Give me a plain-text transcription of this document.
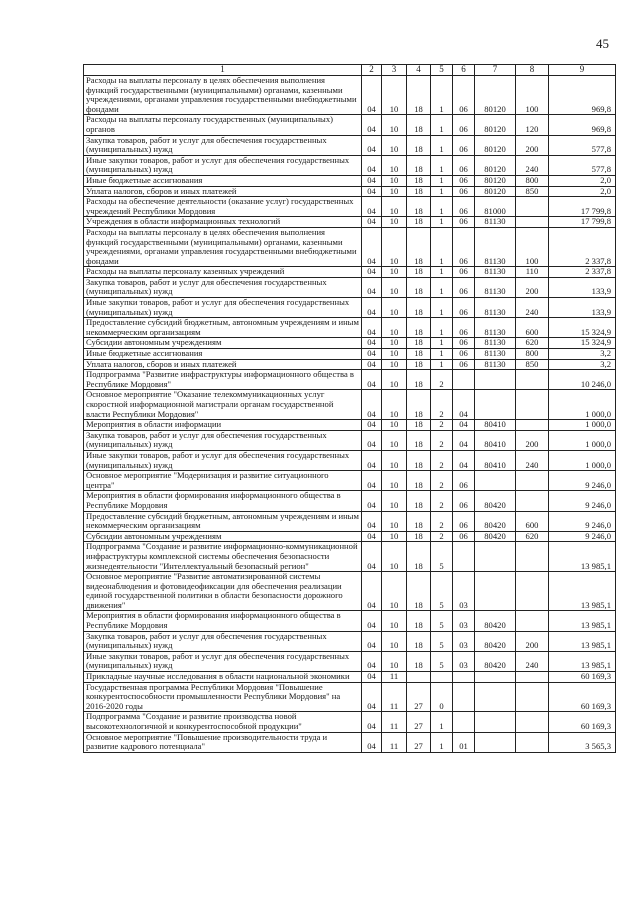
45
1	2	3	4	5	6	7	8	9
Расходы на выплаты персоналу в целях обеспечения выполнения функций государственными (муниципальными) органами, казенными учреждениями, органами управления государственными внебюджетными фондами	04	10	18	1	06	80120	100	969,8
Расходы на выплаты персоналу государственных (муниципальных) органов	04	10	18	1	06	80120	120	969,8
Закупка товаров, работ и услуг для обеспечения государственных (муниципальных) нужд	04	10	18	1	06	80120	200	577,8
Иные закупки товаров, работ и услуг для обеспечения государственных (муниципальных) нужд	04	10	18	1	06	80120	240	577,8
Иные бюджетные ассигнования	04	10	18	1	06	80120	800	2,0
Уплата налогов, сборов и иных платежей	04	10	18	1	06	80120	850	2,0
Расходы на обеспечение деятельности (оказание услуг) государственных учреждений Республики Мордовия	04	10	18	1	06	81000		17 799,8
Учреждения в области информационных технологий	04	10	18	1	06	81130		17 799,8
Расходы на выплаты персоналу в целях обеспечения выполнения функций государственными (муниципальными) органами, казенными учреждениями, органами управления государственными внебюджетными фондами	04	10	18	1	06	81130	100	2 337,8
Расходы на выплаты персоналу казенных учреждений	04	10	18	1	06	81130	110	2 337,8
Закупка товаров, работ и услуг для обеспечения государственных (муниципальных) нужд	04	10	18	1	06	81130	200	133,9
Иные закупки товаров, работ и услуг для обеспечения государственных (муниципальных) нужд	04	10	18	1	06	81130	240	133,9
Предоставление субсидий бюджетным, автономным учреждениям и иным некоммерческим организациям	04	10	18	1	06	81130	600	15 324,9
Субсидии автономным учреждениям	04	10	18	1	06	81130	620	15 324,9
Иные бюджетные ассигнования	04	10	18	1	06	81130	800	3,2
Уплата налогов, сборов и иных платежей	04	10	18	1	06	81130	850	3,2
Подпрограмма "Развитие инфраструктуры информационного общества в Республике Мордовия"	04	10	18	2				10 246,0
Основное мероприятие "Оказание телекоммуникационных услуг скоростной информационной магистрали органам государственной власти Республики Мордовия"	04	10	18	2	04			1 000,0
Мероприятия в области информации	04	10	18	2	04	80410		1 000,0
Закупка товаров, работ и услуг для обеспечения государственных (муниципальных) нужд	04	10	18	2	04	80410	200	1 000,0
Иные закупки товаров, работ и услуг для обеспечения государственных (муниципальных) нужд	04	10	18	2	04	80410	240	1 000,0
Основное мероприятие "Модернизация и развитие ситуационного центра"	04	10	18	2	06			9 246,0
Мероприятия в области формирования информационного общества в Республике Мордовия	04	10	18	2	06	80420		9 246,0
Предоставление субсидий бюджетным, автономным учреждениям и иным некоммерческим организациям	04	10	18	2	06	80420	600	9 246,0
Субсидии автономным учреждениям	04	10	18	2	06	80420	620	9 246,0
Подпрограмма "Создание и развитие информационно-коммуникационной инфраструктуры комплексной системы обеспечения безопасности жизнедеятельности "Интеллектуальный безопасный регион"	04	10	18	5				13 985,1
Основное мероприятие "Развитие автоматизированной системы видеонаблюдения и фотовидеофиксации для обеспечения реализации единой государственной политики в области безопасности дорожного движения"	04	10	18	5	03			13 985,1
Мероприятия в области формирования информационного общества в Республике Мордовия	04	10	18	5	03	80420		13 985,1
Закупка товаров, работ и услуг для обеспечения государственных (муниципальных) нужд	04	10	18	5	03	80420	200	13 985,1
Иные закупки товаров, работ и услуг для обеспечения государственных (муниципальных) нужд	04	10	18	5	03	80420	240	13 985,1
Прикладные научные исследования в области национальной экономики	04	11						60 169,3
Государственная программа Республики Мордовия "Повышение конкурентоспособности промышленности Республики Мордовия" на 2016-2020 годы	04	11	27	0				60 169,3
Подпрограмма "Создание и развитие производства новой высокотехнологичной и конкурентоспособной продукции"	04	11	27	1				60 169,3
Основное мероприятие "Повышение производительности труда и развитие кадрового потенциала"	04	11	27	1	01			3 565,3
